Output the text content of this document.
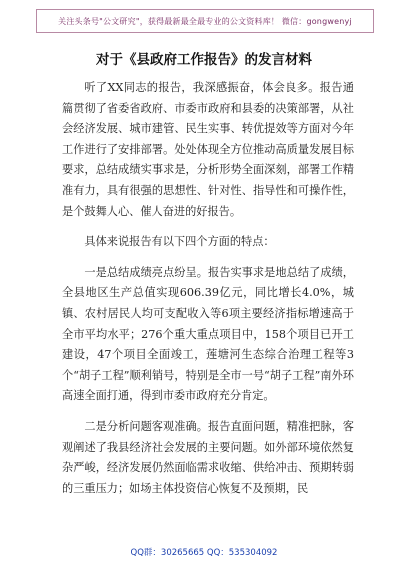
关注头条号"公文研究"，获得最新最全最专业的公文资料库！ 微信：gongwenyj
对于《县政府工作报告》的发言材料

听了XX同志的报告，我深感振奋，体会良多。报告通篇贯彻了省委省政府、市委市政府和县委的决策部署，从社会经济发展、城市建管、民生实事、转优提效等方面对今年工作进行了安排部署。处处体现全方位推动高质量发展目标要求，总结成绩实事求是，分析形势全面深刻，部署工作精准有力，具有很强的思想性、针对性、指导性和可操作性，是个鼓舞人心、催人奋进的好报告。

具体来说报告有以下四个方面的特点：

一是总结成绩亮点纷呈。报告实事求是地总结了成绩，全县地区生产总值实现606.39亿元，同比增长4.0%，城镇、农村居民人均可支配收入等6项主要经济指标增速高于全市平均水平；276个重大重点项目中，158个项目已开工建设，47个项目全面竣工，莲塘河生态综合治理工程等3个“胡子工程”顺利销号，特别是全市一号“胡子工程”南外环高速全面打通，得到市委市政府充分肯定。

二是分析问题客观准确。报告直面问题，精准把脉，客观阐述了我县经济社会发展的主要问题。如外部环境依然复杂严峻，经济发展仍然面临需求收缩、供给冲击、预期转弱的三重压力；如场主体投资信心恢复不及预期，民

QQ群：30265665 QQ：535304092
